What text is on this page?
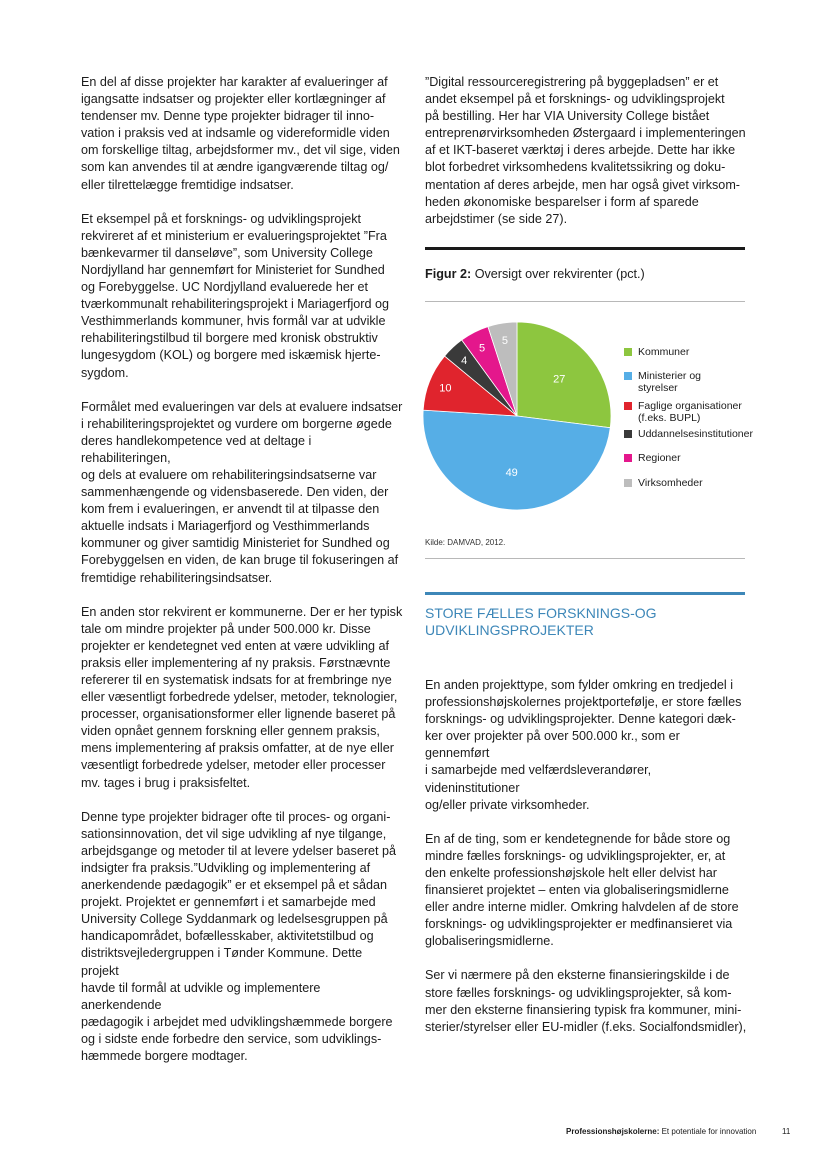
En del af disse projekter har karakter af evalueringer af
igangsatte indsatser og projekter eller kortlægninger af
tendenser mv. Denne type projekter bidrager til inno-
vation i praksis ved at indsamle og videreformidle viden
om forskellige tiltag, arbejdsformer mv., det vil sige, viden
som kan anvendes til at ændre igangværende tiltag og/
eller tilrettelægge fremtidige indsatser.

Et eksempel på et forsknings- og udviklingsprojekt
rekvireret af et ministerium er evalueringsprojektet ”Fra
bænkevarmer til danseløve”, som University College
Nordjylland har gennemført for Ministeriet for Sundhed
og Forebyggelse. UC Nordjylland evaluerede her et
tværkommunalt rehabiliteringsprojekt i Mariagerfjord og
Vesthimmerlands kommuner, hvis formål var at udvikle
rehabiliteringstilbud til borgere med kronisk obstruktiv
lungesygdom (KOL) og borgere med iskæmisk hjerte-
sygdom.

Formålet med evalueringen var dels at evaluere indsatser
i rehabiliteringsprojektet og vurdere om borgerne øgede
deres handlekompetence ved at deltage i rehabiliteringen,
og dels at evaluere om rehabiliteringsindsatserne var
sammenhængende og vidensbaserede. Den viden, der
kom frem i evalueringen, er anvendt til at tilpasse den
aktuelle indsats i Mariagerfjord og Vesthimmerlands
kommuner og giver samtidig Ministeriet for Sundhed og
Forebyggelsen en viden, de kan bruge til fokuseringen af
fremtidige rehabiliteringsindsatser.

En anden stor rekvirent er kommunerne. Der er her typisk
tale om mindre projekter på under 500.000 kr. Disse
projekter er kendetegnet ved enten at være udvikling af
praksis eller implementering af ny praksis. Førstnævnte
refererer til en systematisk indsats for at frembringe nye
eller væsentligt forbedrede ydelser, metoder, teknologier,
processer, organisationsformer eller lignende baseret på
viden opnået gennem forskning eller gennem praksis,
mens implementering af praksis omfatter, at de nye eller
væsentligt forbedrede ydelser, metoder eller processer
mv. tages i brug i praksisfeltet.

Denne type projekter bidrager ofte til proces- og organi-
sationsinnovation, det vil sige udvikling af nye tilgange,
arbejdsgange og metoder til at levere ydelser baseret på
indsigter fra praksis.”Udvikling og implementering af
anerkendende pædagogik” er et eksempel på et sådan
projekt. Projektet er gennemført i et samarbejde med
University College Syddanmark og ledelsesgruppen på
handicapområdet, bofællesskaber, aktivitetstilbud og
distriktsvejledergruppen i Tønder Kommune. Dette projekt
havde til formål at udvikle og implementere anerkendende
pædagogik i arbejdet med udviklingshæmmede borgere
og i sidste ende forbedre den service, som udviklings-
hæmmede borgere modtager.

”Digital ressourceregistrering på byggepladsen” er et
andet eksempel på et forsknings- og udviklingsprojekt
på bestilling. Her har VIA University College bistået
entreprenørvirksomheden Østergaard i implementeringen
af et IKT-baseret værktøj i deres arbejde. Dette har ikke
blot forbedret virksomhedens kvalitetssikring og doku-
mentation af deres arbejde, men har også givet virksom-
heden økonomiske besparelser i form af sparede
arbejdstimer (se side 27).

Figur 2: Oversigt over rekvirenter (pct.)
27
49
10
4
5
5
Kommuner
Ministerier og
styrelser
Faglige organisationer
(f.eks. BUPL)
Uddannelsesinstitutioner
Regioner
Virksomheder
Kilde: DAMVAD, 2012.
STORE FÆLLES FORSKNINGS-OG
UDVIKLINGSPROJEKTER

En anden projekttype, som fylder omkring en tredjedel i
professionshøjskolernes projektportefølje, er store fælles
forsknings- og udviklingsprojekter. Denne kategori dæk-
ker over projekter på over 500.000 kr., som er gennemført
i samarbejde med velfærdsleverandører, videninstitutioner
og/eller private virksomheder.

En af de ting, som er kendetegnende for både store og
mindre fælles forsknings- og udviklingsprojekter, er, at
den enkelte professionshøjskole helt eller delvist har
finansieret projektet – enten via globaliseringsmidlerne
eller andre interne midler. Omkring halvdelen af de store
forsknings- og udviklingsprojekter er medfinansieret via
globaliseringsmidlerne.

Ser vi nærmere på den eksterne finansieringskilde i de
store fælles forsknings- og udviklingsprojekter, så kom-
mer den eksterne finansiering typisk fra kommuner, mini-
sterier/styrelser eller EU-midler (f.eks. Socialfondsmidler),

Professionshøjskolerne: Et potentiale for innovation	11
